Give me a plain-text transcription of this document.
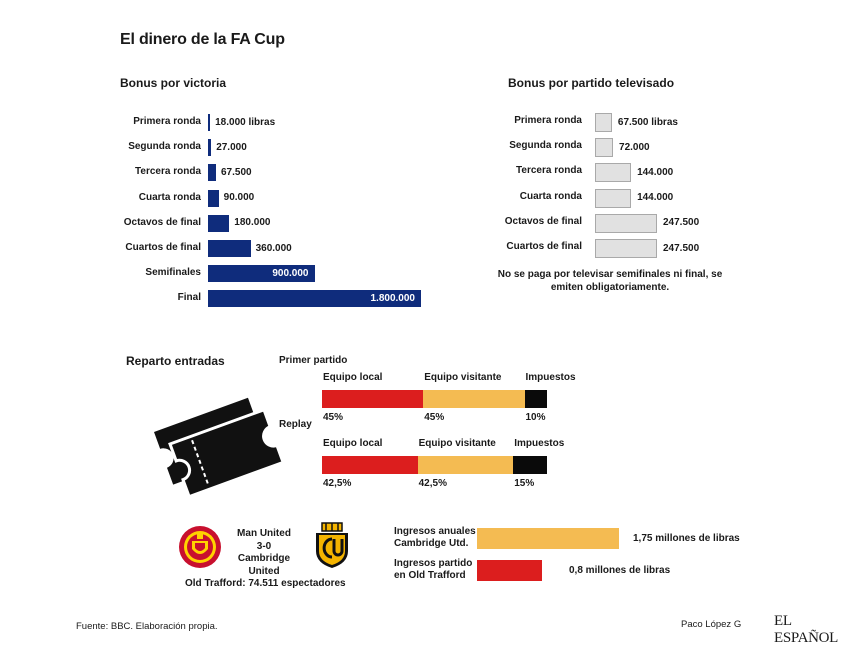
El dinero de la FA Cup
Bonus por victoria
Primera ronda 18.000 libras
Segunda ronda 27.000
Tercera ronda 67.500
Cuarta ronda 90.000
Octavos de final	180.000
Cuartos de final	360.000
Semifinales	900.000
Final	1.800.000
Bonus por partido televisado
Primera ronda	67.500 libras
Segunda ronda	72.000
Tercera ronda	144.000
Cuarta ronda	144.000
Octavos de final	247.500
Cuartos de final	247.500
No se paga por televisar semifinales ni final, se emiten obligatoriamente.
Reparto entradas	Primer partido
Equipo local
45%
Equipo visitante
45%
Impuestos
10%
Replay
Equipo local
42,5%
Equipo visitante
42,5%
Impuestos
15%
Man United
3-0
Cambridge United
Old Trafford: 74.511 espectadores
Ingresos anuales
Cambridge Utd.	1,75 millones de libras
Ingresos partido
en Old Trafford	0,8 millones de libras
Fuente: BBC. Elaboración propia.	Paco López G EL ESPAÑOL
